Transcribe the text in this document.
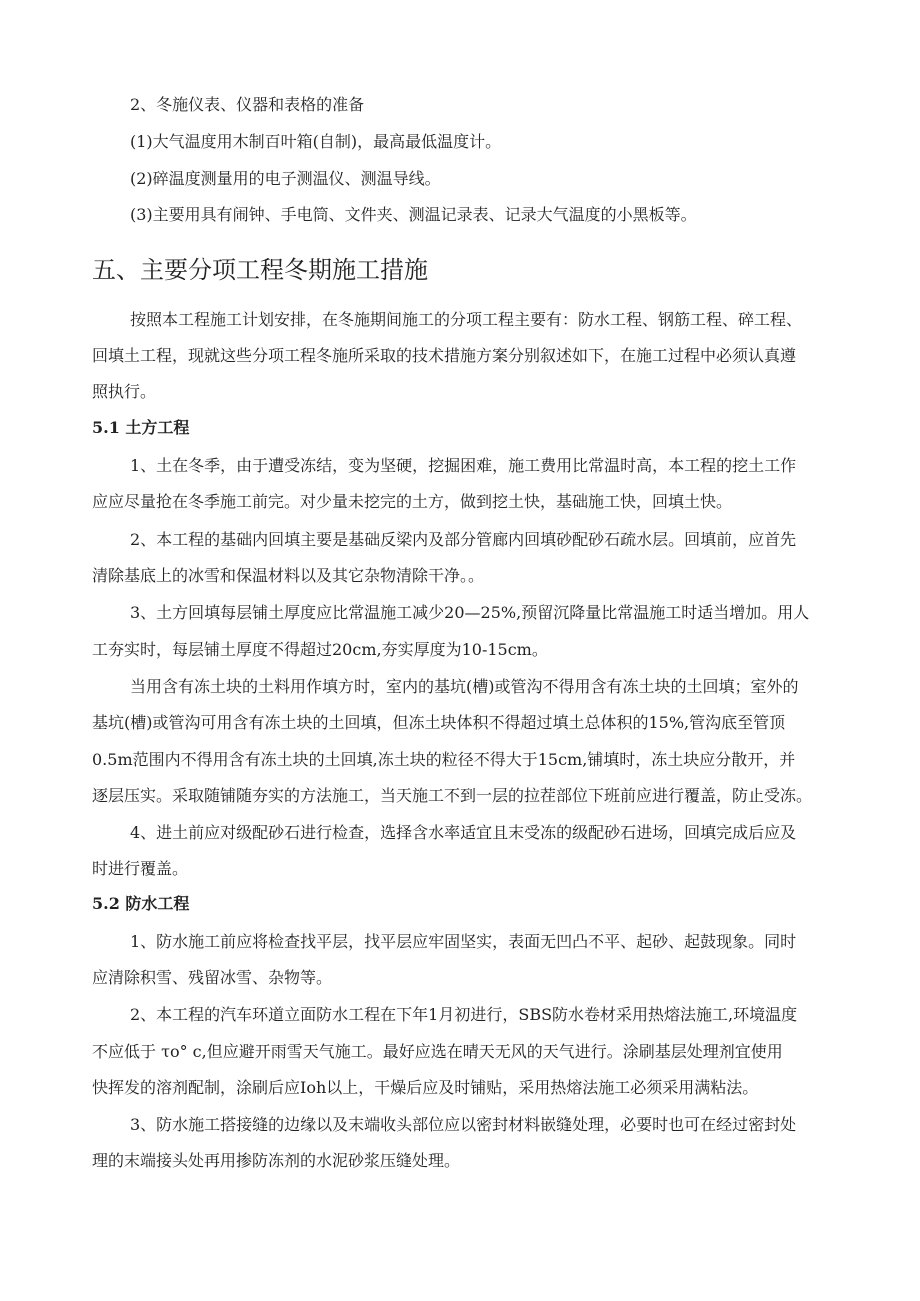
2、冬施仪表、仪器和表格的准备
(1)大气温度用木制百叶箱(自制)，最高最低温度计。
(2)碎温度测量用的电子测温仪、测温导线。
(3)主要用具有闹钟、手电筒、文件夹、测温记录表、记录大气温度的小黑板等。
五、主要分项工程冬期施工措施
按照本工程施工计划安排，在冬施期间施工的分项工程主要有：防水工程、钢筋工程、碎工程、
回填土工程，现就这些分项工程冬施所采取的技术措施方案分别叙述如下，在施工过程中必须认真遵
照执行。
5.1 土方工程
1、土在冬季，由于遭受冻结，变为坚硬，挖掘困难，施工费用比常温时高，本工程的挖土工作
应应尽量抢在冬季施工前完。对少量未挖完的土方，做到挖土快，基础施工快，回填土快。
2、本工程的基础内回填主要是基础反梁内及部分管廊内回填砂配砂石疏水层。回填前，应首先
清除基底上的冰雪和保温材料以及其它杂物清除干净。。
3、土方回填每层铺土厚度应比常温施工减少20—25%,预留沉降量比常温施工时适当增加。用人
工夯实时，每层铺土厚度不得超过20cm,夯实厚度为10-15cm。
当用含有冻土块的土料用作填方时，室内的基坑(槽)或管沟不得用含有冻土块的土回填；室外的
基坑(槽)或管沟可用含有冻土块的土回填，但冻土块体积不得超过填土总体积的15%,管沟底至管顶
0.5m范围内不得用含有冻土块的土回填,冻土块的粒径不得大于15cm,铺填时，冻土块应分散开，并
逐层压实。采取随铺随夯实的方法施工，当天施工不到一层的拉茬部位下班前应进行覆盖，防止受冻。
4、进土前应对级配砂石进行检查，选择含水率适宜且末受冻的级配砂石进场，回填完成后应及
时进行覆盖。
5.2 防水工程
1、防水施工前应将检查找平层，找平层应牢固坚实，表面无凹凸不平、起砂、起鼓现象。同时
应清除积雪、残留冰雪、杂物等。
2、本工程的汽车环道立面防水工程在下年1月初进行，SBS防水卷材采用热熔法施工,环境温度
不应低于 τo° c,但应避开雨雪天气施工。最好应选在晴天无风的天气进行。涂刷基层处理剂宜使用
快挥发的溶剂配制，涂刷后应Ioh以上，干燥后应及时铺贴，采用热熔法施工必须采用满粘法。
3、防水施工搭接缝的边缘以及末端收头部位应以密封材料嵌缝处理，必要时也可在经过密封处
理的末端接头处再用掺防冻剂的水泥砂浆压缝处理。
